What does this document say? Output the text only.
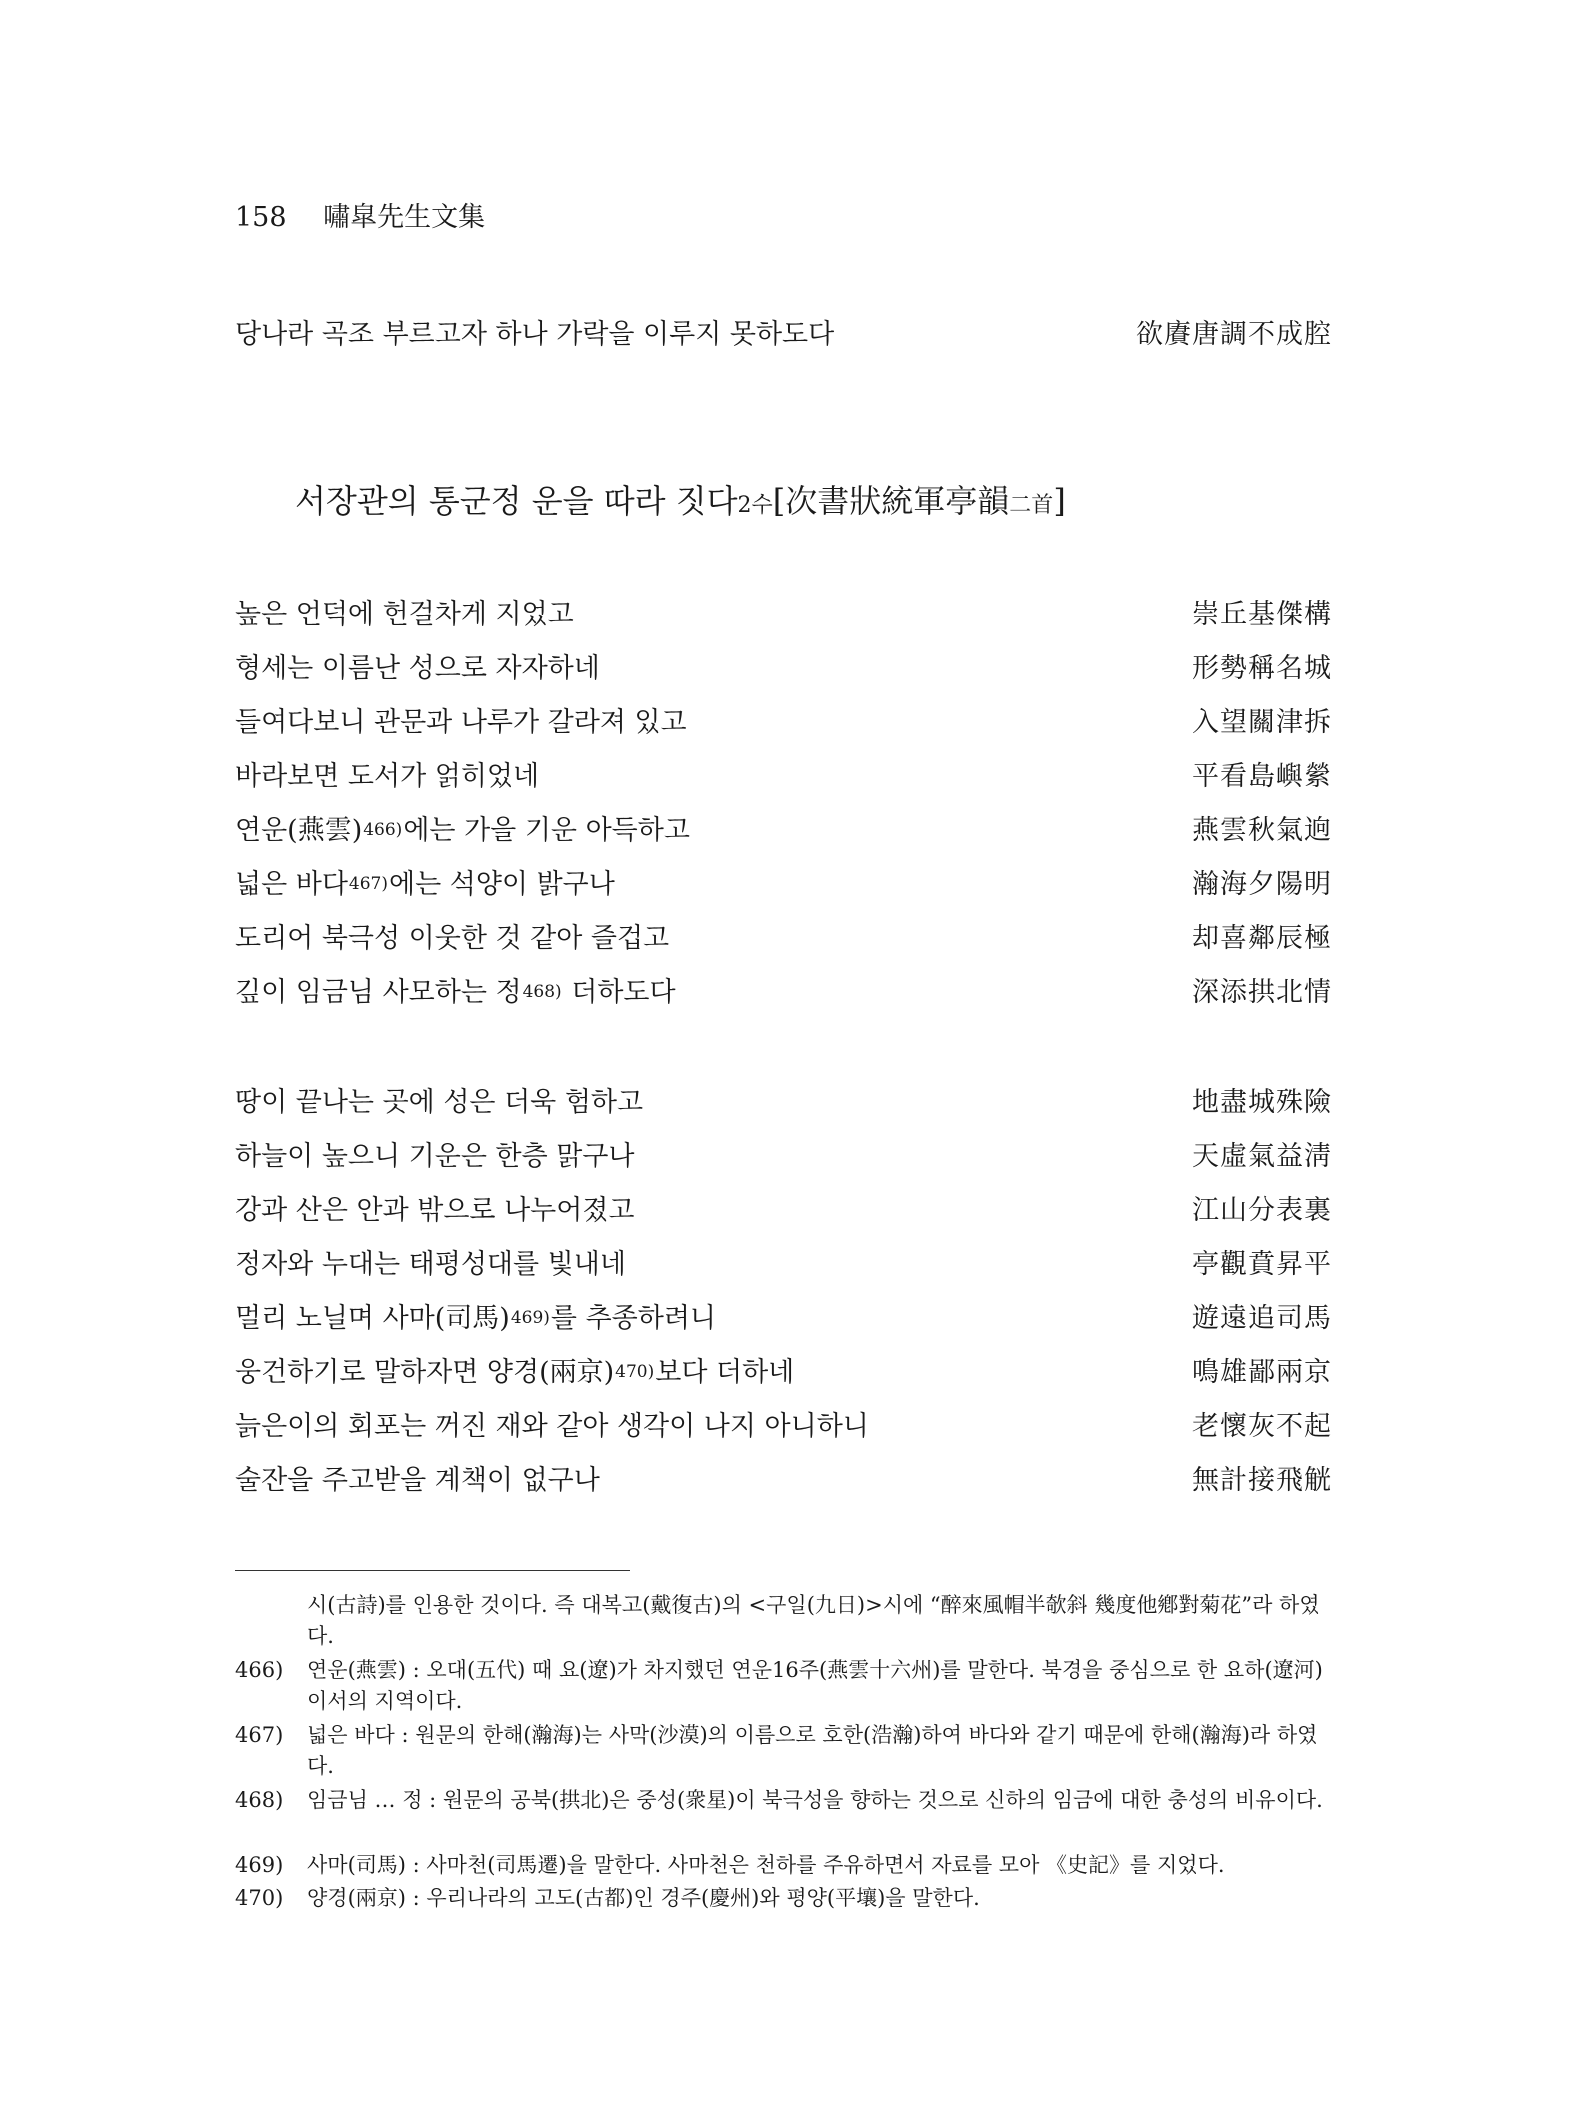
158 嘯皐先生文集
당나라 곡조 부르고자 하나 가락을 이루지 못하도다	欲賡唐調不成腔
서장관의 통군정 운을 따라 짓다2수[次書狀統軍亭韻二首]
높은 언덕에 헌걸차게 지었고	崇丘基傑構
형세는 이름난 성으로 자자하네	形勢稱名城
들여다보니 관문과 나루가 갈라져 있고	入望關津拆
바라보면 도서가 얽히었네	平看島嶼縈
연운(燕雲)466)에는 가을 기운 아득하고	燕雲秋氣逈
넓은 바다467)에는 석양이 밝구나	瀚海夕陽明
도리어 북극성 이웃한 것 같아 즐겁고	却喜鄰辰極
깊이 임금님 사모하는 정468) 더하도다	深添拱北情
땅이 끝나는 곳에 성은 더욱 험하고	地盡城殊險
하늘이 높으니 기운은 한층 맑구나	天虛氣益淸
강과 산은 안과 밖으로 나누어졌고	江山分表裏
정자와 누대는 태평성대를 빛내네	亭觀賁昇平
멀리 노닐며 사마(司馬)469)를 추종하려니	遊遠追司馬
웅건하기로 말하자면 양경(兩京)470)보다 더하네	鳴雄鄙兩京
늙은이의 회포는 꺼진 재와 같아 생각이 나지 아니하니	老懷灰不起
술잔을 주고받을 계책이 없구나	無計接飛觥
시(古詩)를 인용한 것이다. 즉 대복고(戴復古)의 <구일(九日)>시에 “醉來風帽半欹斜 幾度他鄕對菊花”라 하였다.
466)	연운(燕雲) : 오대(五代) 때 요(遼)가 차지했던 연운16주(燕雲十六州)를 말한다. 북경을 중심으로 한 요하(遼河) 이서의 지역이다.
467)	넓은 바다 : 원문의 한해(瀚海)는 사막(沙漠)의 이름으로 호한(浩瀚)하여 바다와 같기 때문에 한해(瀚海)라 하였다.
468)	임금님 … 정 : 원문의 공북(拱北)은 중성(衆星)이 북극성을 향하는 것으로 신하의 임금에 대한 충성의 비유이다.
469)	사마(司馬) : 사마천(司馬遷)을 말한다. 사마천은 천하를 주유하면서 자료를 모아 《史記》를 지었다.
470)	양경(兩京) : 우리나라의 고도(古都)인 경주(慶州)와 평양(平壤)을 말한다.
